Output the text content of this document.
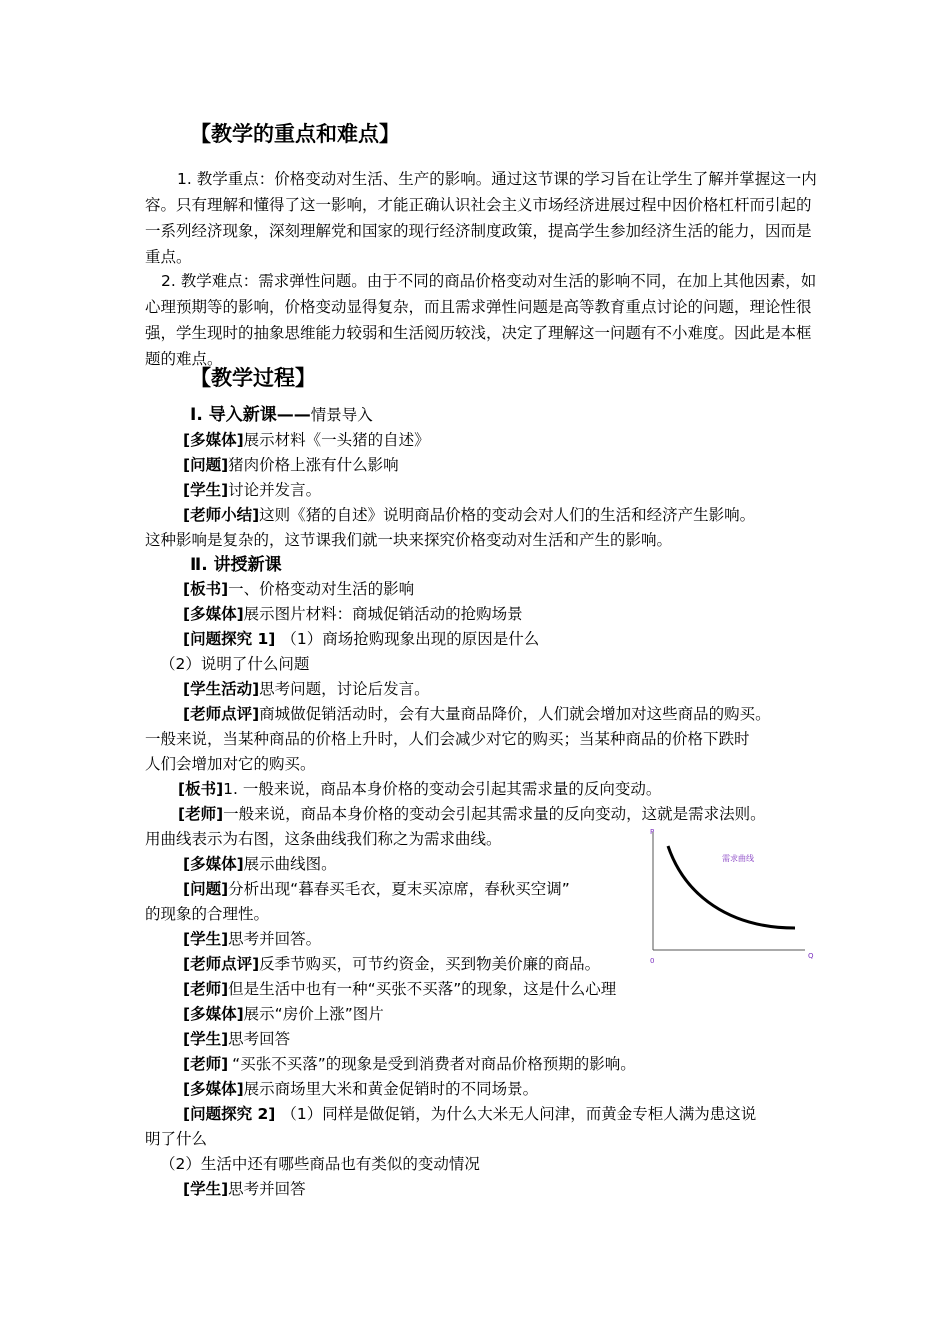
【教学的重点和难点】
1. 教学重点：价格变动对生活、生产的影响。通过这节课的学习旨在让学生了解并掌握这一内容。只有理解和懂得了这一影响，才能正确认识社会主义市场经济进展过程中因价格杠杆而引起的一系列经济现象，深刻理解党和国家的现行经济制度政策，提高学生参加经济生活的能力，因而是重点。
2. 教学难点：需求弹性问题。由于不同的商品价格变动对生活的影响不同，在加上其他因素，如心理预期等的影响，价格变动显得复杂，而且需求弹性问题是高等教育重点讨论的问题，理论性很强，学生现时的抽象思维能力较弱和生活阅历较浅，决定了理解这一问题有不小难度。因此是本框题的难点。
【教学过程】
Ⅰ. 导入新课——情景导入
[多媒体]展示材料《一头猪的自述》
[问题]猪肉价格上涨有什么影响
[学生]讨论并发言。
[老师小结]这则《猪的自述》说明商品价格的变动会对人们的生活和经济产生影响。
这种影响是复杂的，这节课我们就一块来探究价格变动对生活和产生的影响。
Ⅱ. 讲授新课
[板书]一、价格变动对生活的影响
[多媒体]展示图片材料：商城促销活动的抢购场景
[问题探究 1] （1）商场抢购现象出现的原因是什么
（2）说明了什么问题
[学生活动]思考问题，讨论后发言。
[老师点评]商城做促销活动时，会有大量商品降价，人们就会增加对这些商品的购买。
一般来说，当某种商品的价格上升时，人们会减少对它的购买；当某种商品的价格下跌时
人们会增加对它的购买。
[板书]1. 一般来说，商品本身价格的变动会引起其需求量的反向变动。
[老师]一般来说，商品本身价格的变动会引起其需求量的反向变动，这就是需求法则。
用曲线表示为右图，这条曲线我们称之为需求曲线。
[多媒体]展示曲线图。
[问题]分析出现“暮春买毛衣，夏末买凉席，春秋买空调”
的现象的合理性。
[学生]思考并回答。
[老师点评]反季节购买，可节约资金，买到物美价廉的商品。
[老师]但是生活中也有一种“买张不买落”的现象，这是什么心理
[多媒体]展示“房价上涨”图片
[学生]思考回答
[老师] “买张不买落”的现象是受到消费者对商品价格预期的影响。
[多媒体]展示商场里大米和黄金促销时的不同场景。
[问题探究 2] （1）同样是做促销，为什么大米无人问津，而黄金专柜人满为患这说
明了什么
（2）生活中还有哪些商品也有类似的变动情况
[学生]思考并回答
需求曲线
P
Q
0
